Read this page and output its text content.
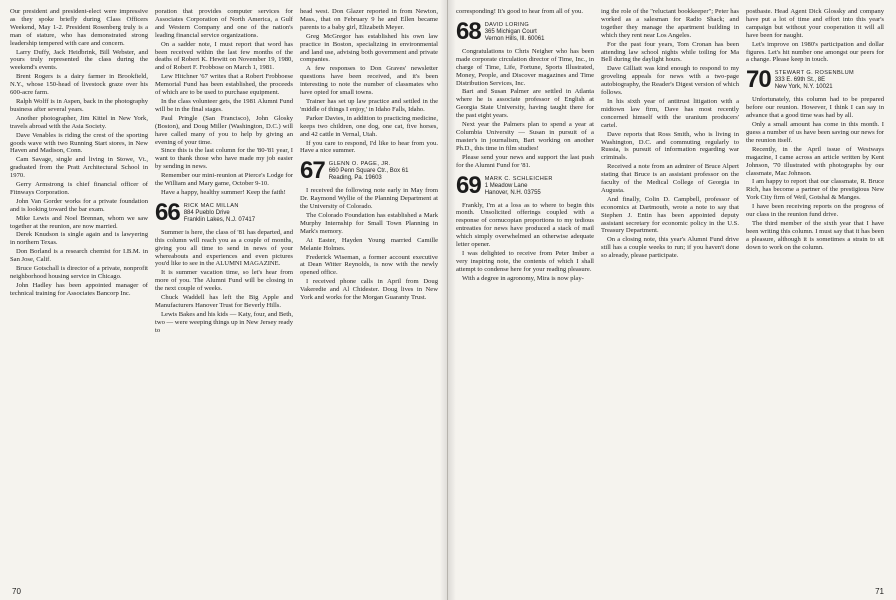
Our president and president-elect were impressive as they spoke briefly during Class Officers Weekend, May 1-2. President Rosenberg truly is a man of stature, who has demonstrated strong leadership tempered with care and concern.

Larry Duffy, Jack Heidbrink, Bill Webster, and yours truly represented the class during the weekend's events.

Brent Rogers is a dairy farmer in Brookfield, N.Y., whose 150-head of livestock graze over his 600-acre farm.

Ralph Wolff is in Aspen, back in the photography business after several years.

Another photographer, Jim Kittel in New York, travels abroad with the Asia Society.

Dave Venables is riding the crest of the sporting goods wave with two Running Start stores, in New Haven and Madison, Conn.

Cam Savage, single and living in Stowe, Vt., graduated from the Pratt Architectural School in 1970.

Gerry Armstrong is chief financial officer of Fitnways Corporation.

John Van Gorder works for a private foundation and is looking toward the bar exam.

Mike Lewis and Noel Brennan, whom we saw together at the reunion, are now married.

Derek Knudson is single again and is lawyering in northern Texas.

Don Borland is a research chemist for I.B.M. in San Jose, Calif.

Bruce Gotschall is director of a private, nonprofit neighborhood housing service in Chicago.

John Hadley has been appointed manager of technical training for Associates Bancorp Inc.

poration that provides computer services for Associates Corporation of North America, a Gulf and Western Company and one of the nation's leading financial service organizations.

On a sadder note, I must report that word has been received within the last few months of the deaths of Robert K. Hewitt on November 19, 1980, and of Robert F. Frobbose on March 1, 1981.

Lew Hitchner '67 writes that a Robert Frobboese Memorial Fund has been established, the proceeds of which are to be used to purchase equipment.

In the class volunteer gets, the 1981 Alumni Fund will be in the final stages.

Paul Pringle (San Francisco), John Glosky (Boston), and Doug Miller (Washington, D.C.) will have called many of you to help by giving an evening of your time.

Since this is the last column for the '80-'81 year, I want to thank those who have made my job easier by sending in news.

Remember our mini-reunion at Pierce's Lodge for the William and Mary game, October 9-10.

Have a happy, healthy summer! Keep the faith!

66 RICK MAC MILLAN
884 Pueblo Drive
Franklin Lakes, N.J. 07417

Summer is here, the class of '81 has departed, and this column will reach you as a couple of months, giving you all time to send in news of your whereabouts and experiences and even pictures you'd like to see in the ALUMNI MAGAZINE.

It is summer vacation time, so let's hear from more of you. The Alumni Fund will be closing in the next couple of weeks.

Chuck Waddell has left the Big Apple and Manufacturers Hanover Trust for Beverly Hills.

Lewis Bakes and his kids — Katy, four, and Beth, two — were weeping things up in New Jersey ready to

head west. Don Glazer reported in from Newton, Mass., that on February 9 he and Ellen became parents to a baby girl, Elizabeth Meyer.

Greg McGregor has established his own law practice in Boston, specializing in environmental and land use, advising both government and private companies.

A few responses to Don Graves' newsletter questions have been received, and it's been interesting to note the number of classmates who have opted for small towns.

Trainer has set up law practice and settled in the 'middle of things I enjoy,' in Idaho Falls, Idaho.

Parker Davies, in addition to practicing medicine, keeps two children, one dog, one cat, five horses, and 42 cattle in Vernal, Utah.

If you care to respond, I'd like to hear from you. Have a nice summer.

67 GLENN O. PAGE, JR.
660 Penn Square Ctr., Box 61
Reading, Pa. 19603

I received the following note early in May from Dr. Raymond Wyllie of the Planning Department at the University of Colorado.

The Colorado Foundation has established a Mark Murphy Internship for Small Town Planning in Mark's memory.

At Easter, Hayden Young married Camille Melanie Holmes.

Frederick Wiseman, a former account executive at Dean Witter Reynolds, is now with the newly opened office.

I received phone calls in April from Doug Vakeredie and Al Chidester. Doug lives in New York and works for the Morgan Guaranty Trust.

70

corresponding! It's good to hear from all of you.

68 DAVID LORING
365 Michigan Court
Vernon Hills, Ill. 60061

Congratulations to Chris Neigher who has been made corporate circulation director of Time, Inc., in charge of Time, Life, Fortune, Sports Illustrated, Money, People, and Discover magazines and Time Distribution Services, Inc.

Bart and Susan Palmer are settled in Atlanta where he is associate professor of English at Georgia State University, having taught there for the past eight years.

Next year the Palmers plan to spend a year at Columbia University — Susan in pursuit of a master's in journalism, Bart working on another Ph.D., this time in film studies!

Please send your news and support the last push for the Alumni Fund for '81.

69 MARK C. SCHLEICHER
1 Meadow Lane
Hanover, N.H. 03755

Frankly, I'm at a loss as to where to begin this month. Unsolicited offerings coupled with a response of cornucopian proportions to my tedious entreaties for news have produced a stack of mail which simply overwhelmed an otherwise adequate letter opener.

I was delighted to receive from Peter Imber a very inspiring note, the contents of which I shall attempt to condense here for your reading pleasure.

With a degree in agronomy, Mira is now play-

ing the role of the "reluctant bookkeeper"; Peter has worked as a salesman for Radio Shack; and together they manage the apartment building in which they rent near Los Angeles.

For the past four years, Tom Cronan has been attending law school nights while toiling for Ma Bell during the daylight hours.

Dave Gilliatt was kind enough to respond to my groveling appeals for news with a two-page autobiography, the Reader's Digest version of which follows.

In his sixth year of antitrust litigation with a midtown law firm, Dave has most recently concerned himself with the uranium producers' cartel.

Dave reports that Ross Smith, who is living in Washington, D.C. and commuting regularly to Russia, is pursuit of information regarding war criminals.

Received a note from an admirer of Bruce Alpert stating that Bruce is an assistant professor on the faculty of the Medical College of Georgia in Augusta.

And finally, Colin D. Campbell, professor of economics at Dartmouth, wrote a note to say that Stephen J. Entin has been appointed deputy assistant secretary for economic policy in the U.S. Treasury Department.

On a closing note, this year's Alumni Fund drive still has a couple weeks to run; if you haven't done so already, please participate.

postbaste. Head Agent Dick Glossky and company have put a lot of time and effort into this year's campaign but without your cooperation it will all have been for naught.

Let's improve on 1980's participation and dollar figures. Let's hit number one amongst our peers for a change. Please keep in touch.

70 STEWART G. ROSENBLUM
333 E. 69th St., 8E
New York, N.Y. 10021

Unfortunately, this column had to be prepared before our reunion. However, I think I can say in advance that a good time was had by all.

Only a small amount has come in this month. I guess a number of us have been saving our news for the reunion itself.

Recently, in the April issue of Westways magazine, I came across an article written by Kent Johnson, '70 illustrated with photographs by our classmate, Mac Johnson.

I am happy to report that our classmate, R. Bruce Rich, has become a partner of the prestigious New York City firm of Weil, Gotshal & Manges.

I have been receiving reports on the progress of our class in the reunion fund drive.

The third member of the sixth year that I have been writing this column. I must say that it has been a pleasure, although it is sometimes a strain to sit down to work on the column.

71
